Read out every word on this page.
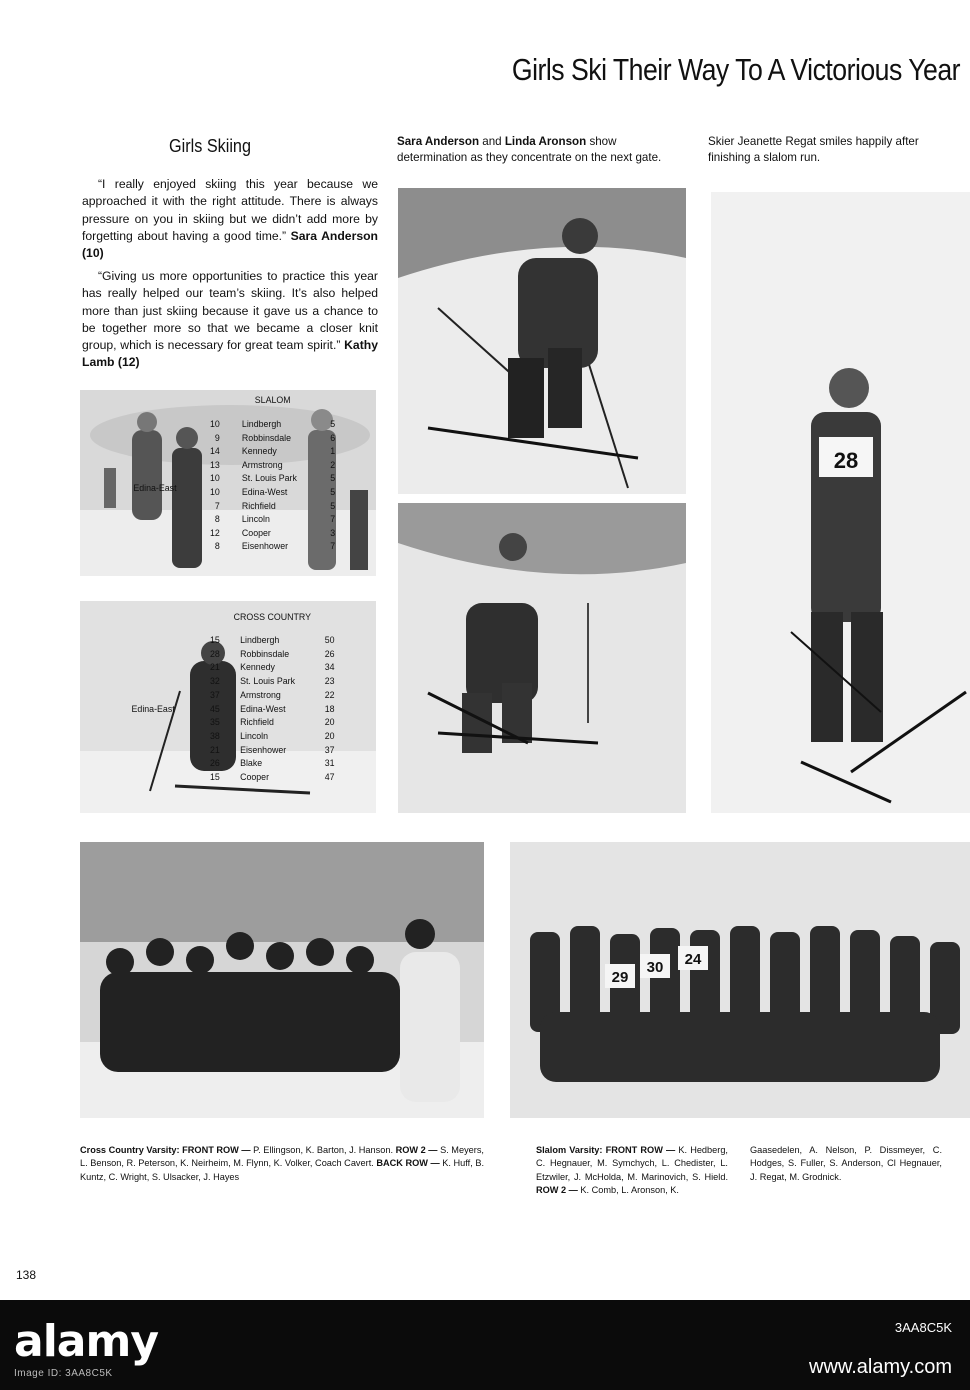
Girls Ski Their Way To A Victorious Year
Girls Skiing

“I really enjoyed skiing this year because we approached it with the right attitude. There is always pressure on you in skiing but we didn’t add more by forgetting about having a good time.” Sara Anderson (10)

“Giving us more opportunities to practice this year has really helped our team’s skiing. It’s also helped more than just skiing because it gave us a chance to be together more so that we became a closer knit group, which is necessary for great team spirit.” Kathy Lamb (12)

Sara Anderson and Linda Aronson show determination as they concentrate on the next gate.

Skier Jeanette Regat smiles happily after finishing a slalom run.

SLALOM
Edina-East
10 Lindbergh	5
9 Robbinsdale	6
14 Kennedy	1
13 Armstrong	2
10 St. Louis Park	5
10 Edina-West	5
7 Richfield	5
8 Lincoln	7
12 Cooper	3
8 Eisenhower	7
CROSS COUNTRY
Edina-East
15 Lindbergh	50
28 Robbinsdale	26
21 Kennedy	34
32 St. Louis Park	23
37 Armstrong	22
45 Edina-West	18
35 Richfield	20
38 Lincoln	20
21 Eisenhower	37
26 Blake	31
15 Cooper	47
28
29
30 24

Cross Country Varsity: FRONT ROW — P. Ellingson, K. Barton, J. Hanson. ROW 2 — S. Meyers, L. Benson, R. Peterson, K. Neirheim, M. Flynn, K. Volker, Coach Cavert. BACK ROW — K. Huff, B. Kuntz, C. Wright, S. Ulsacker, J. Hayes

Slalom Varsity: FRONT ROW — K. Hedberg, C. Hegnauer, M. Symchych, L. Chedister, L. Etzwiler, J. McHolda, M. Marinovich, S. Hield. ROW 2 — K. Comb, L. Aronson, K.

Gaasedelen, A. Nelson, P. Dissmeyer, C. Hodges, S. Fuller, S. Anderson, Cl Hegnauer, J. Regat, M. Grodnick.

138
alamy
Image ID: 3AA8C5K
3AA8C5K
www.alamy.com
